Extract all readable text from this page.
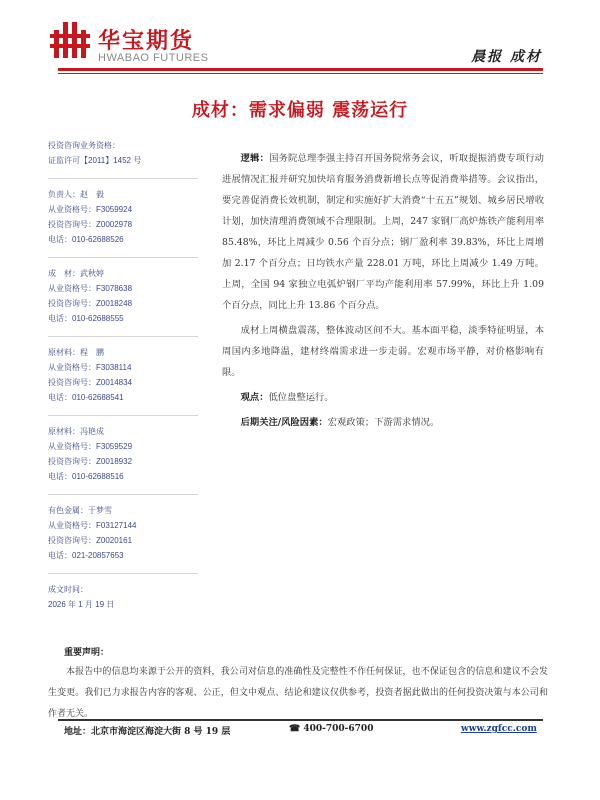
华宝期货
HWABAO FUTURES	晨报 成材
成材：需求偏弱 震荡运行
投资咨询业务资格：
证监许可【2011】1452 号
负责人：赵　毅
从业资格号：F3059924
投资咨询号：Z0002978
电话：010-62688526
成　材：武秋婷
从业资格号：F3078638
投资咨询号：Z0018248
电话：010-62688555
原材料：程　鹏
从业资格号：F3038114
投资咨询号：Z0014834
电话：010-62688541
原材料：冯艳成
从业资格号：F3059529
投资咨询号：Z0018932
电话：010-62688516
有色金属：于梦雪
从业资格号：F03127144
投资咨询号：Z0020161
电话：021-20857653
成文时间：
2026 年 1 月 19 日

逻辑：国务院总理李强主持召开国务院常务会议，听取提振消费专项行动进展情况汇报并研究加快培育服务消费新增长点等促消费举措等。会议指出，要完善促消费长效机制，制定和实施好扩大消费“十五五”规划、城乡居民增收计划，加快清理消费领域不合理限制。上周，247 家钢厂高炉炼铁产能利用率 85.48%，环比上周减少 0.56 个百分点；钢厂盈利率 39.83%，环比上周增加 2.17 个百分点；日均铁水产量 228.01 万吨，环比上周减少 1.49 万吨。上周，全国 94 家独立电弧炉钢厂平均产能利用率 57.99%，环比上升 1.09 个百分点，同比上升 13.86 个百分点。

成材上周横盘震荡，整体波动区间不大。基本面平稳，淡季特征明显，本周国内多地降温，建材终端需求进一步走弱。宏观市场平静，对价格影响有限。

观点：低位盘整运行。

后期关注/风险因素：宏观政策；下游需求情况。

重要声明：
本报告中的信息均来源于公开的资料，我公司对信息的准确性及完整性不作任何保证，也不保证包含的信息和建议不会发生变更。我们已力求报告内容的客观、公正，但文中观点、结论和建议仅供参考，投资者据此做出的任何投资决策与本公司和作者无关。
地址：北京市海淀区海淀大街 8 号 19 层	☎ 400-700-6700	www.zgfcc.com
